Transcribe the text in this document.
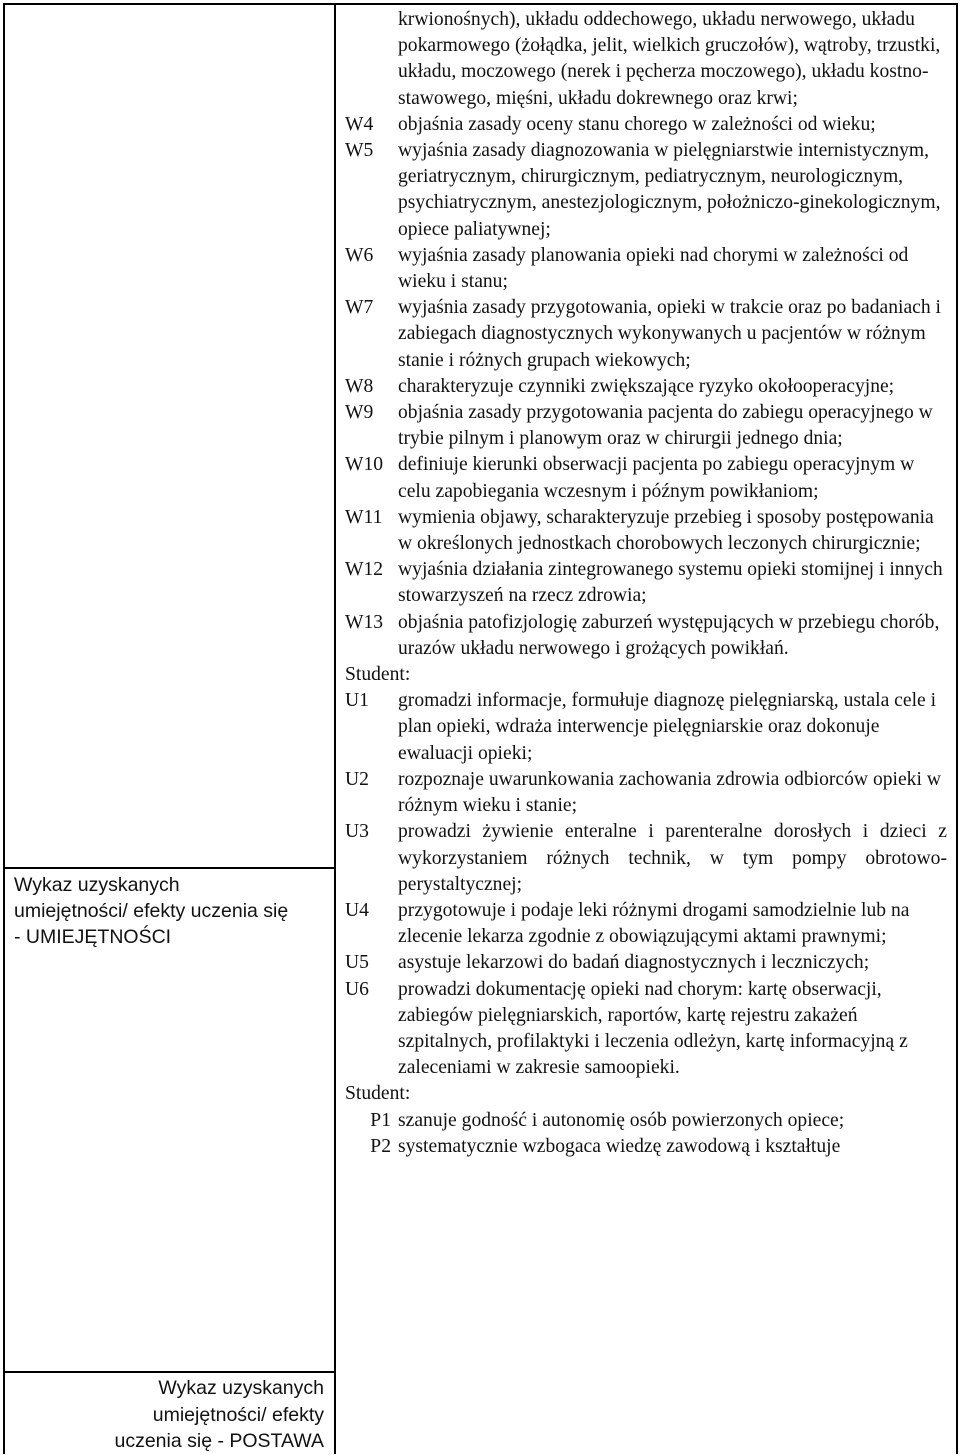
Wykaz uzyskanych
umiejętności/ efekty uczenia się
- UMIEJĘTNOŚCI
Wykaz uzyskanych
umiejętności/ efekty
uczenia się - POSTAWA
krwionośnych), układu oddechowego, układu nerwowego, układu pokarmowego (żołądka, jelit, wielkich gruczołów), wątroby, trzustki, układu, moczowego (nerek i pęcherza moczowego), układu kostno-stawowego, mięśni, układu dokrewnego oraz krwi;
W4	objaśnia zasady oceny stanu chorego w zależności od wieku;
W5	wyjaśnia zasady diagnozowania w pielęgniarstwie internistycznym, geriatrycznym, chirurgicznym, pediatrycznym, neurologicznym, psychiatrycznym, anestezjologicznym, położniczo-ginekologicznym, opiece paliatywnej;
W6	wyjaśnia zasady planowania opieki nad chorymi w zależności od wieku i stanu;
W7	wyjaśnia zasady przygotowania, opieki w trakcie oraz po badaniach i zabiegach diagnostycznych wykonywanych u pacjentów w różnym stanie i różnych grupach wiekowych;
W8	charakteryzuje czynniki zwiększające ryzyko okołooperacyjne;
W9	objaśnia zasady przygotowania pacjenta do zabiegu operacyjnego w trybie pilnym i planowym oraz w chirurgii jednego dnia;
W10 definiuje kierunki obserwacji pacjenta po zabiegu operacyjnym w celu zapobiegania wczesnym i późnym powikłaniom;
W11 wymienia objawy, scharakteryzuje przebieg i sposoby postępowania w określonych jednostkach chorobowych leczonych chirurgicznie;
W12 wyjaśnia działania zintegrowanego systemu opieki stomijnej i innych stowarzyszeń na rzecz zdrowia;
W13 objaśnia patofizjologię zaburzeń występujących w przebiegu chorób, urazów układu nerwowego i grożących powikłań.
Student:
U1	gromadzi informacje, formułuje diagnozę pielęgniarską, ustala cele i plan opieki, wdraża interwencje pielęgniarskie oraz dokonuje ewaluacji opieki;
U2	rozpoznaje uwarunkowania zachowania zdrowia odbiorców opieki w różnym wieku i stanie;
U3	prowadzi żywienie enteralne i parenteralne dorosłych i dzieci z wykorzystaniem różnych technik, w tym pompy obrotowo-perystaltycznej;
U4	przygotowuje i podaje leki różnymi drogami samodzielnie lub na zlecenie lekarza zgodnie z obowiązującymi aktami prawnymi;
U5	asystuje lekarzowi do badań diagnostycznych i leczniczych;
U6	prowadzi dokumentację opieki nad chorym: kartę obserwacji, zabiegów pielęgniarskich, raportów, kartę rejestru zakażeń szpitalnych, profilaktyki i leczenia odleżyn, kartę informacyjną z zaleceniami w zakresie samoopieki.
Student:
P1 szanuje godność i autonomię osób powierzonych opiece;
P2 systematycznie wzbogaca wiedzę zawodową i kształtuje
